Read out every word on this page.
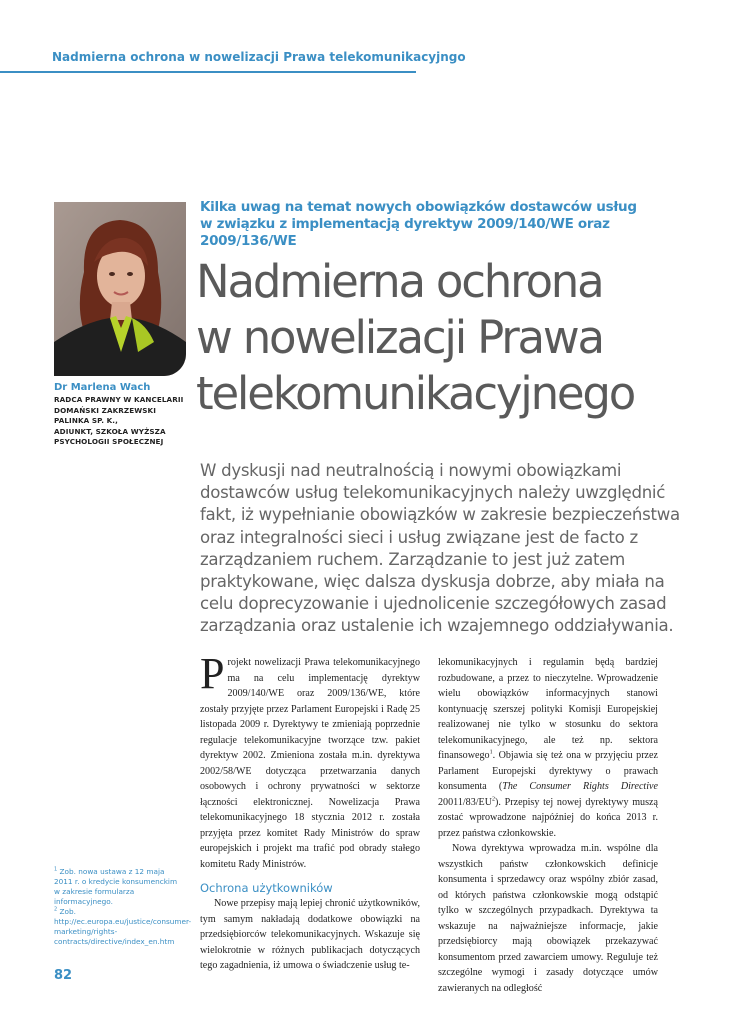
Nadmierna ochrona w nowelizacji Prawa telekomunikacyjngo
Dr Marlena Wach
RADCA PRAWNY W KANCELARII
DOMAŃSKI ZAKRZEWSKI
PALINKA SP. K.,
ADIUNKT, SZKOŁA WYŻSZA
PSYCHOLOGII SPOŁECZNEJ
Kilka uwag na temat nowych obowiązków dostawców usług
w związku z implementacją dyrektyw 2009/140/WE oraz 2009/136/WE
Nadmierna ochrona
w nowelizacji Prawa
telekomunikacyjnego
W dyskusji nad neutralnością i nowymi obowiązkami dostawców usług telekomunikacyjnych należy uwzględnić fakt, iż wypełnianie obowiązków w zakresie bezpieczeństwa oraz integralności sieci i usług związane jest de facto z zarządzaniem ruchem. Zarządzanie to jest już zatem praktykowane, więc dalsza dyskusja dobrze, aby miała na celu doprecyzowanie i ujednolicenie szczegółowych zasad zarządzania oraz ustalenie ich wzajemnego oddziaływania.

Projekt nowelizacji Prawa telekomunikacyjnego ma na celu implementację dyrektyw 2009/140/WE oraz 2009/136/WE, które zostały przyjęte przez Parlament Europejski i Radę 25 listopada 2009 r. Dyrektywy te zmieniają poprzednie regulacje telekomunikacyjne tworzące tzw. pakiet dyrektyw 2002. Zmieniona została m.in. dyrektywa 2002/58/WE dotycząca przetwarzania danych osobowych i ochrony prywatności w sektorze łączności elektronicznej. Nowelizacja Prawa telekomunikacyjnego 18 stycznia 2012 r. została przyjęta przez komitet Rady Ministrów do spraw europejskich i projekt ma trafić pod obrady stałego komitetu Rady Ministrów.

Ochrona użytkowników

Nowe przepisy mają lepiej chronić użytkowników, tym samym nakładają dodatkowe obowiązki na przedsiębiorców telekomunikacyjnych. Wskazuje się wielokrotnie w różnych publikacjach dotyczących tego zagadnienia, iż umowa o świadczenie usług te-

lekomunikacyjnych i regulamin będą bardziej rozbudowane, a przez to nieczytelne. Wprowadzenie wielu obowiązków informacyjnych stanowi kontynuację szerszej polityki Komisji Europejskiej realizowanej nie tylko w stosunku do sektora telekomunikacyjnego, ale też np. sektora finansowego$^1$. Objawia się też ona w przyjęciu przez Parlament Europejski dyrektywy o prawach konsumenta (The Consumer Rights Directive $20011/83/EU^2$). Przepisy tej nowej dyrektywy muszą zostać wprowadzone najpóźniej do końca 2013 r. przez państwa członkowskie.

Nowa dyrektywa wprowadza m.in. wspólne dla wszystkich państw członkowskich definicje konsumenta i sprzedawcy oraz wspólny zbiór zasad, od których państwa członkowskie mogą odstąpić tylko w szczególnych przypadkach. Dyrektywa ta wskazuje na najważniejsze informacje, jakie przedsiębiorcy mają obowiązek przekazywać konsumentom przed zawarciem umowy. Reguluje też szczególne wymogi i zasady dotyczące umów zawieranych na odległość

$^1$ Zob. nowa ustawa z 12 maja 2011 r. o kredycie konsumenckim w zakresie formularza informacyjnego.

$^2$ Zob. http://ec.europa.eu/justice/consumer-marketing/rights-contracts/directive/index_en.htm

82
